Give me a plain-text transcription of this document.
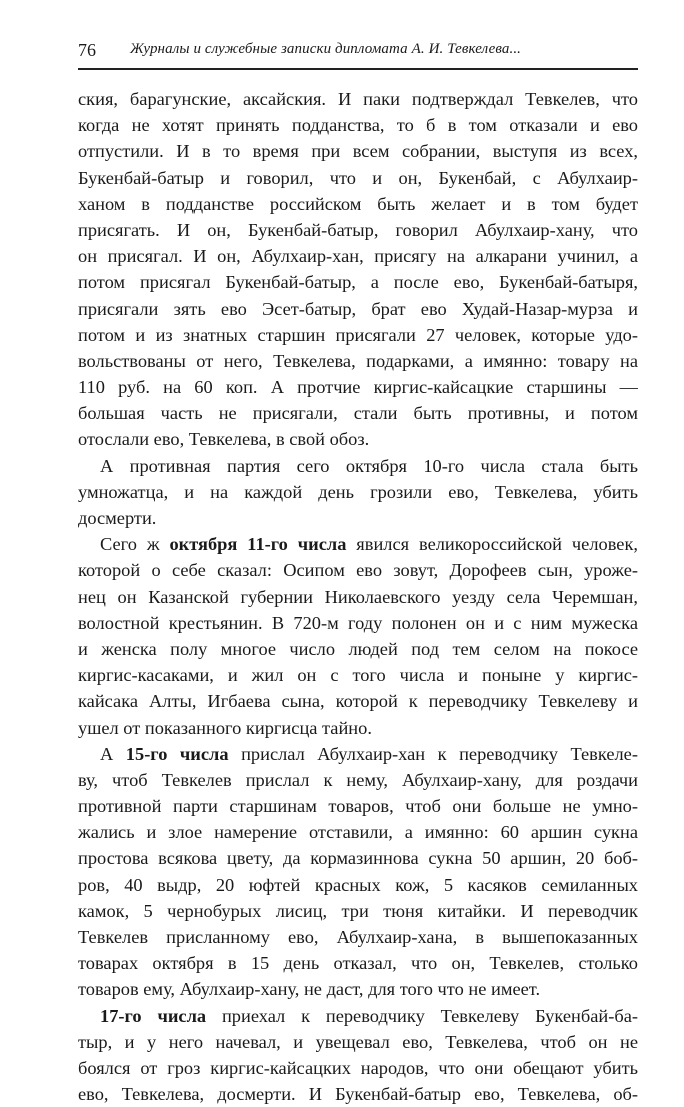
76 Журналы и служебные записки дипломата А. И. Тевкелева...
ския, барагунские, аксайския. И паки подтверждал Тевкелев, что
когда не хотят принять подданства, то б в том отказали и ево
отпустили. И в то время при всем собрании, выступя из всех,
Букенбай-батыр и говорил, что и он, Букенбай, с Абулхаир-
ханом в подданстве российском быть желает и в том будет
присягать. И он, Букенбай-батыр, говорил Абулхаир-хану, что
он присягал. И он, Абулхаир-хан, присягу на алкарани учинил, а
потом присягал Букенбай-батыр, а после ево, Букенбай-батыря,
присягали зять ево Эсет-батыр, брат ево Худай-Назар-мурза и
потом и из знатных старшин присягали 27 человек, которые удо-
вольствованы от него, Тевкелева, подарками, а имянно: товару на
110 руб. на 60 коп. А протчие киргис-кайсацкие старшины —
большая часть не присягали, стали быть противны, и потом
отослали ево, Тевкелева, в свой обоз.
А противная партия сего октября 10-го числа стала быть
умножатца, и на каждой день грозили ево, Тевкелева, убить
досмерти.
Сего ж октября 11-го числа явился великороссийской человек,
которой о себе сказал: Осипом ево зовут, Дорофеев сын, уроже-
нец он Казанской губернии Николаевского уезду села Черемшан,
волостной крестьянин. В 720-м году полонен он и с ним мужеска
и женска полу многое число людей под тем селом на покосе
киргис-касаками, и жил он с того числа и поныне у киргис-
кайсака Алты, Игбаева сына, которой к переводчику Тевкелеву и
ушел от показанного киргисца тайно.
А 15-го числа прислал Абулхаир-хан к переводчику Тевкеле-
ву, чтоб Тевкелев прислал к нему, Абулхаир-хану, для роздачи
противной парти старшинам товаров, чтоб они больше не умно-
жались и злое намерение отставили, а имянно: 60 аршин сукна
простова всякова цвету, да кормазиннова сукна 50 аршин, 20 боб-
ров, 40 выдр, 20 юфтей красных кож, 5 касяков семиланных
камок, 5 чернобурых лисиц, три тюня китайки. И переводчик
Тевкелев присланному ево, Абулхаир-хана, в вышепоказанных
товарах октября в 15 день отказал, что он, Тевкелев, столько
товаров ему, Абулхаир-хану, не даст, для того что не имеет.
17-го числа приехал к переводчику Тевкелеву Букенбай-ба-
тыр, и у него начевал, и увещевал ево, Тевкелева, чтоб он не
боялся от гроз киргис-кайсацких народов, что они обещают убить
ево, Тевкелева, досмерти. И Букенбай-батыр ево, Тевкелева, об-
